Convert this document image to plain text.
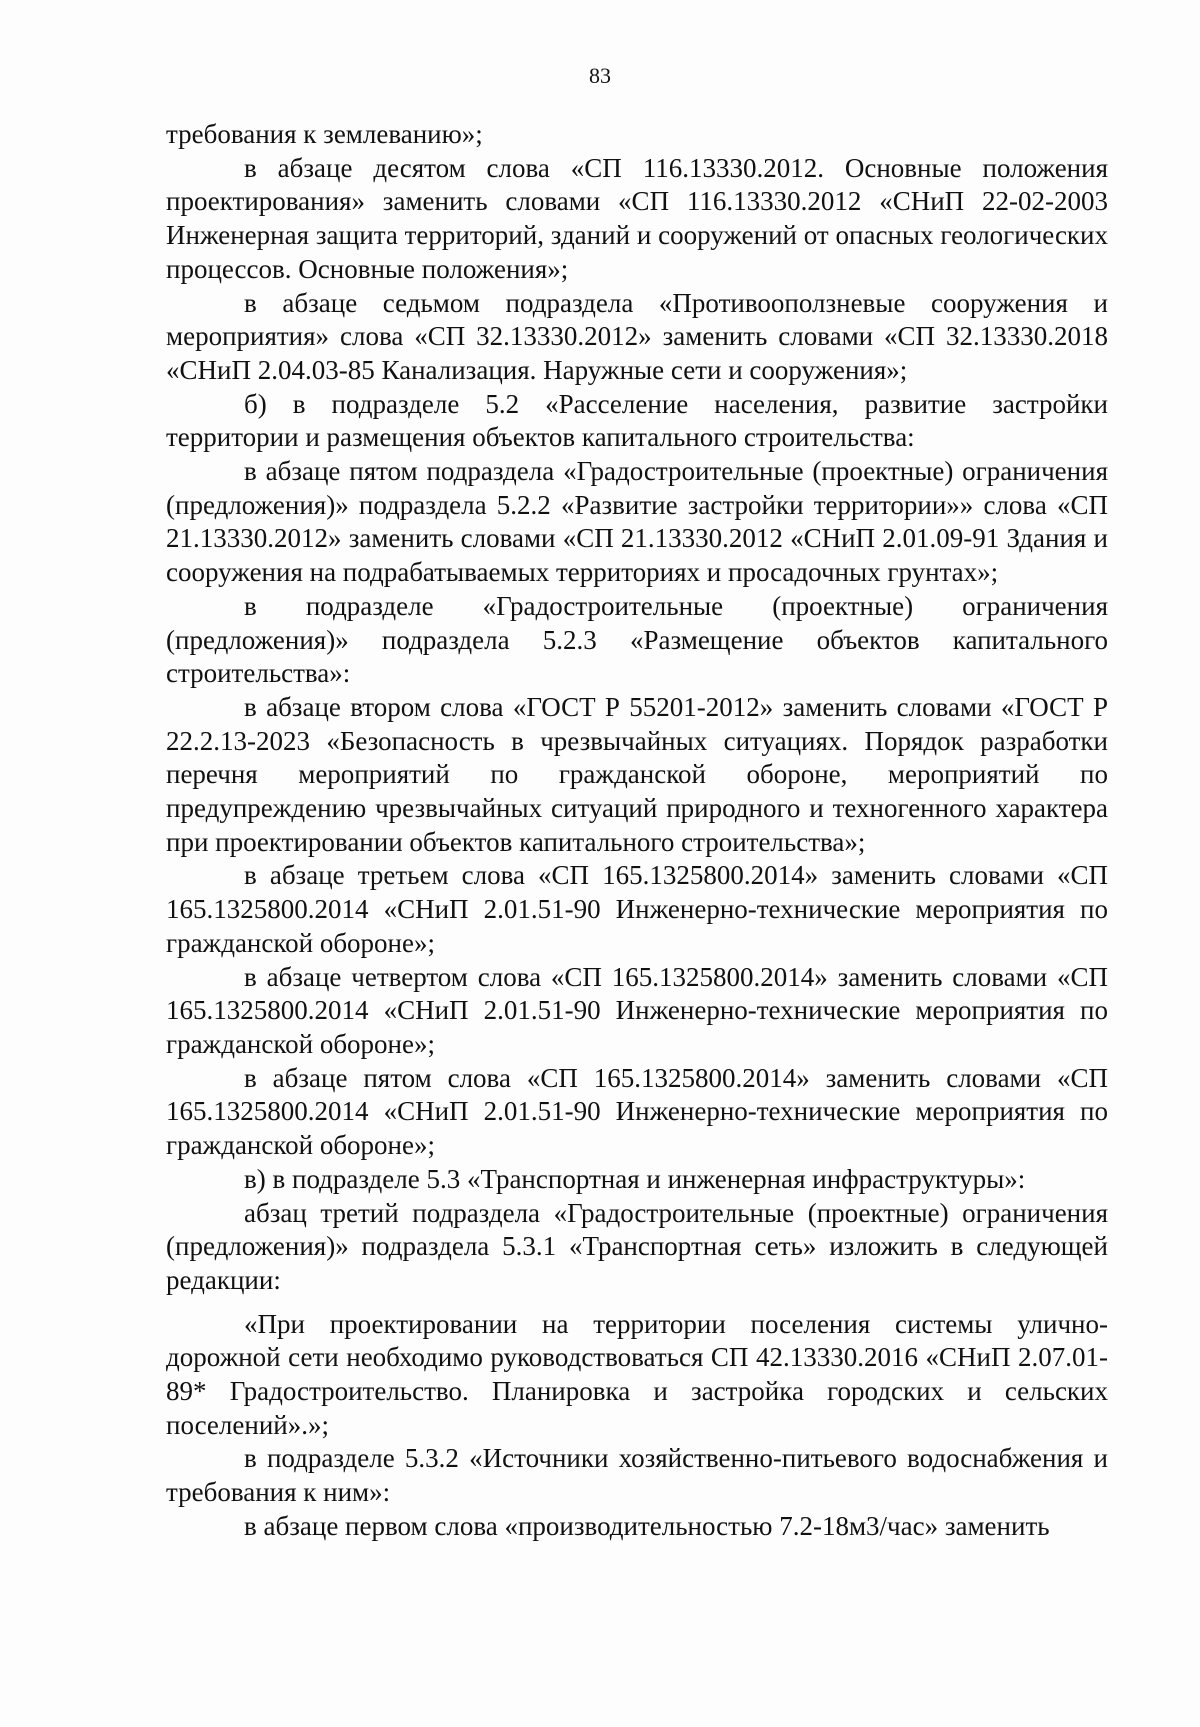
83

требования к землеванию»;

в абзаце десятом слова «СП 116.13330.2012. Основные положения проектирования» заменить словами «СП 116.13330.2012 «СНиП 22-02-2003 Инженерная защита территорий, зданий и сооружений от опасных геологических процессов. Основные положения»;

в абзаце седьмом подраздела «Противооползневые сооружения и мероприятия» слова «СП 32.13330.2012» заменить словами «СП 32.13330.2018 «СНиП 2.04.03-85 Канализация. Наружные сети и сооружения»;

б) в подразделе 5.2 «Расселение населения, развитие застройки территории и размещения объектов капитального строительства:

в абзаце пятом подраздела «Градостроительные (проектные) ограничения (предложения)» подраздела 5.2.2 «Развитие застройки территории»» слова «СП 21.13330.2012» заменить словами «СП 21.13330.2012 «СНиП 2.01.09-91 Здания и сооружения на подрабатываемых территориях и просадочных грунтах»;

в подразделе «Градостроительные (проектные) ограничения (предложения)» подраздела 5.2.3 «Размещение объектов капитального строительства»:

в абзаце втором слова «ГОСТ Р 55201-2012» заменить словами «ГОСТ Р 22.2.13-2023 «Безопасность в чрезвычайных ситуациях. Порядок разработки перечня мероприятий по гражданской обороне, мероприятий по предупреждению чрезвычайных ситуаций природного и техногенного характера при проектировании объектов капитального строительства»;

в абзаце третьем слова «СП 165.1325800.2014» заменить словами «СП 165.1325800.2014 «СНиП 2.01.51-90 Инженерно-технические мероприятия по гражданской обороне»;

в абзаце четвертом слова «СП 165.1325800.2014» заменить словами «СП 165.1325800.2014 «СНиП 2.01.51-90 Инженерно-технические мероприятия по гражданской обороне»;

в абзаце пятом слова «СП 165.1325800.2014» заменить словами «СП 165.1325800.2014 «СНиП 2.01.51-90 Инженерно-технические мероприятия по гражданской обороне»;

в) в подразделе 5.3 «Транспортная и инженерная инфраструктуры»:

абзац третий подраздела «Градостроительные (проектные) ограничения (предложения)» подраздела 5.3.1 «Транспортная сеть» изложить в следующей редакции:

«При проектировании на территории поселения системы улично-дорожной сети необходимо руководствоваться СП 42.13330.2016 «СНиП 2.07.01-89* Градостроительство. Планировка и застройка городских и сельских поселений».»;

в подразделе 5.3.2 «Источники хозяйственно-питьевого водоснабжения и требования к ним»:

в абзаце первом слова «производительностью 7.2-18м3/час» заменить
